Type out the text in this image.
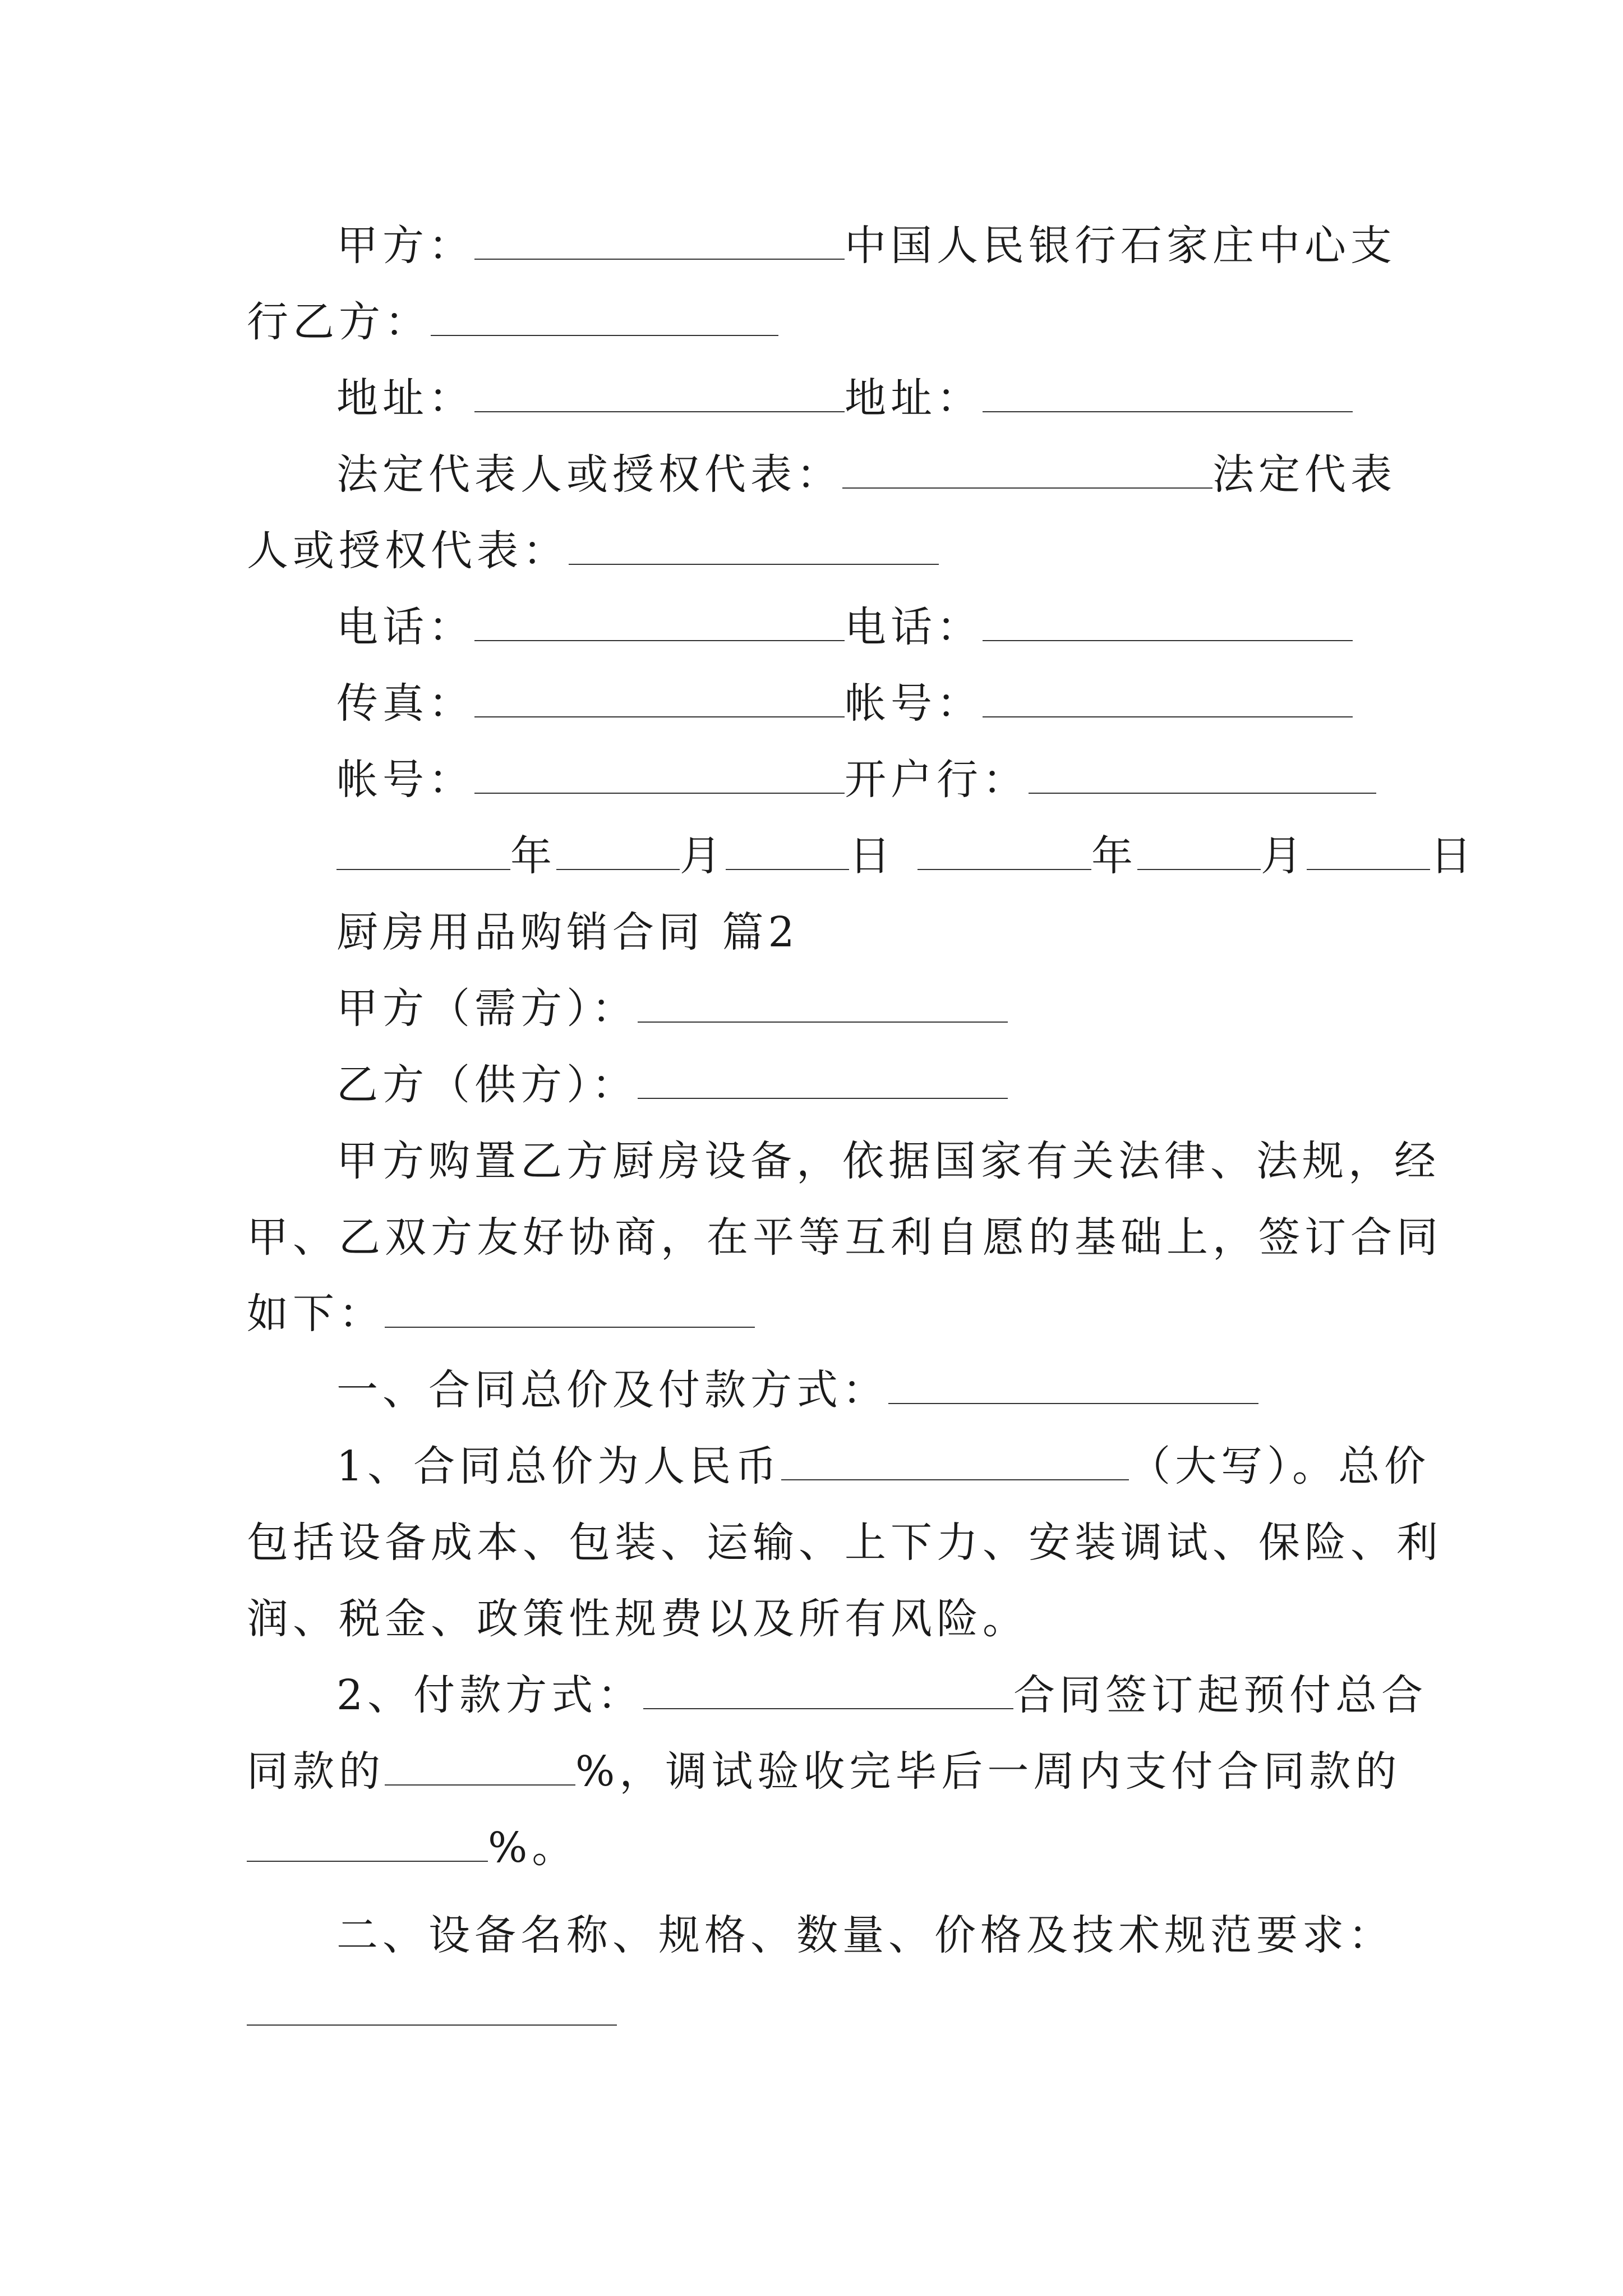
甲方：	中国人民银行石家庄中心支
行乙方：
地址：	地址：
法定代表人或授权代表：	法定代表
人或授权代表：
电话：	电话：
传真：	帐号：
帐号：	开户行：
年	月	日	年	月	日
厨房用品购销合同 篇2
甲方（需方）：
乙方（供方）：
甲方购置乙方厨房设备，依据国家有关法律、法规，经
甲、乙双方友好协商，在平等互利自愿的基础上，签订合同
如下：
一、合同总价及付款方式：
1、合同总价为人民币	（大写）。总价
包括设备成本、包装、运输、上下力、安装调试、保险、利
润、税金、政策性规费以及所有风险。
2、付款方式：	合同签订起预付总合
同款的	%，调试验收完毕后一周内支付合同款的
%。
二、设备名称、规格、数量、价格及技术规范要求：
